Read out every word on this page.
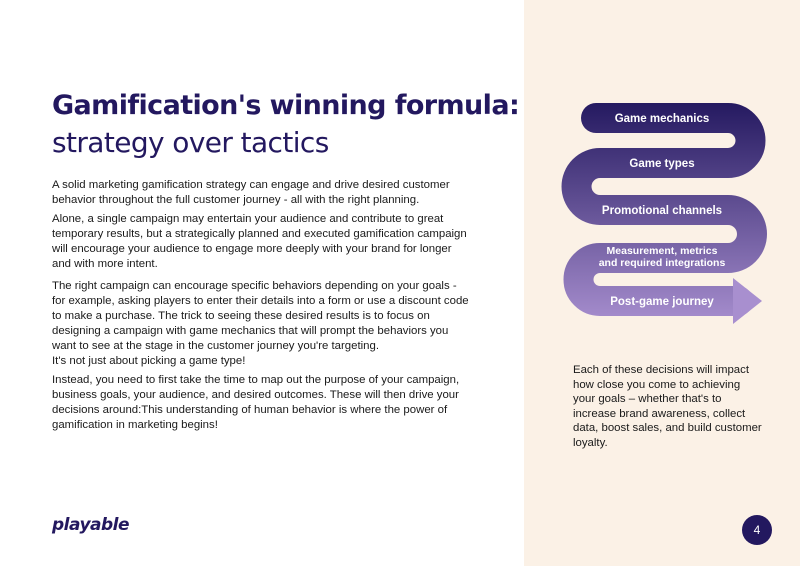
Gamification's winning formula:
strategy over tactics

A solid marketing gamification strategy can engage and drive desired customer behavior throughout the full customer journey - all with the right planning.

Alone, a single campaign may entertain your audience and contribute to great temporary results, but a strategically planned and executed gamification campaign will encourage your audience to engage more deeply with your brand for longer and with more intent.

The right campaign can encourage specific behaviors depending on your goals - for example, asking players to enter their details into a form or use a discount code to make a purchase. The trick to seeing these desired results is to focus on designing a campaign with game mechanics that will prompt the behaviors you want to see at the stage in the customer journey you're targeting.
It's not just about picking a game type!

Instead, you need to first take the time to map out the purpose of your campaign, business goals, your audience, and desired outcomes. These will then drive your decisions around:This understanding of human behavior is where the power of gamification in marketing begins!

Game mechanics
Game types
Promotional channels
Measurement, metrics
and required integrations
Post-game journey

Each of these decisions will impact how close you come to achieving your goals – whether that's to increase brand awareness, collect data, boost sales, and build customer loyalty.

playable	4
